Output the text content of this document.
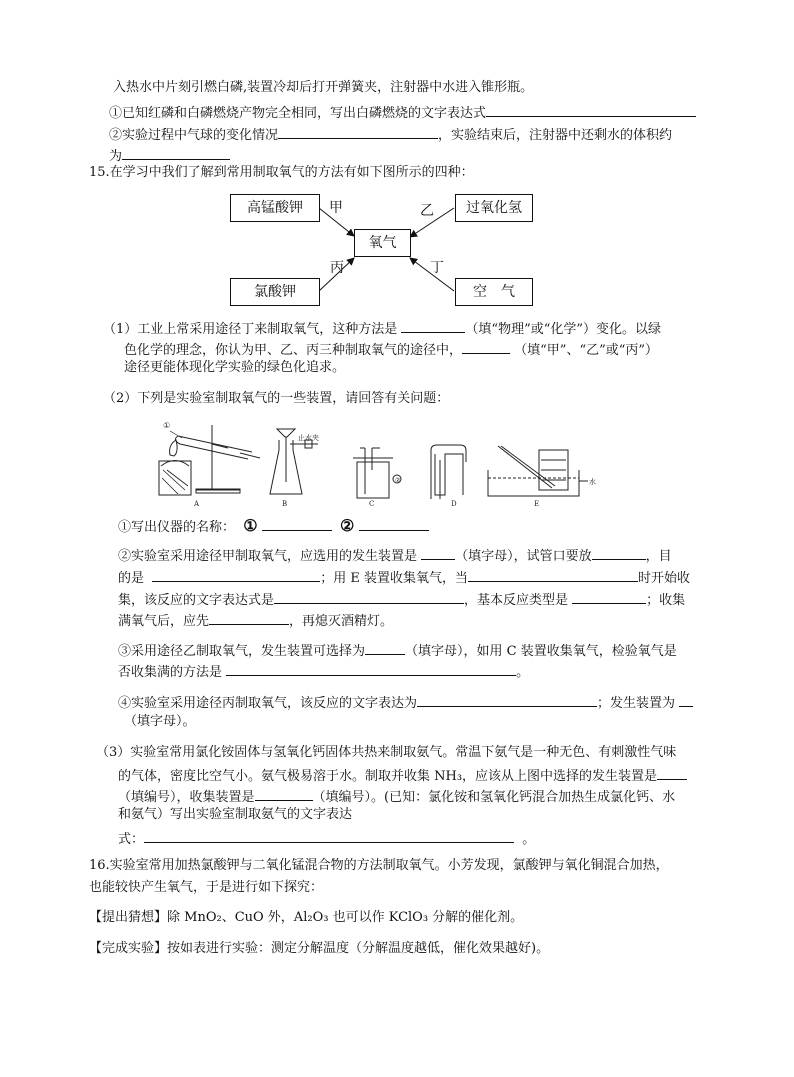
入热水中片刻引燃白磷,装置冷却后打开弹簧夹，注射器中水进入锥形瓶。
①已知红磷和白磷燃烧产物完全相同，写出白磷燃烧的文字表达式
②实验过程中气球的变化情况	，实验结束后，注射器中还剩水的体积约
为
15.在学习中我们了解到常用制取氧气的方法有如下图所示的四种：
高锰酸钾	过氧化氢
氧气
氯酸钾	空　气
甲	乙
丙	丁
（1）工业上常采用途径丁来制取氧气，这种方法是	（填“物理”或“化学”）变化。以绿
色化学的理念，你认为甲、乙、丙三种制取氧气的途径中，	（填“甲”、“乙”或“丙”）
途径更能体现化学实验的绿色化追求。
（2）下列是实验室制取氧气的一些装置，请回答有关问题：
①
A
止水夹
B
②
C	D
水
E
①写出仪器的名称： ①	②
②实验室采用途径甲制取氧气，应选用的发生装置是	（填字母），试管口要放	，目
的是	；用 E 装置收集氧气，当	时开始收
集，该反应的文字表达式是	，基本反应类型是	；收集
满氧气后，应先	，再熄灭酒精灯。
③采用途径乙制取氧气，发生装置可选择为	（填字母），如用 C 装置收集氧气，检验氧气是
否收集满的方法是	。
④实验室采用途径丙制取氧气，该反应的文字表达为	；发生装置为
（填字母）。
（3）实验室常用氯化铵固体与氢氧化钙固体共热来制取氨气。常温下氨气是一种无色、有刺激性气味
的气体，密度比空气小。氨气极易溶于水。制取并收集 NH₃，应该从上图中选择的发生装置是
（填编号），收集装置是	（填编号）。(已知：氯化铵和氢氧化钙混合加热生成氯化钙、水
和氨气）写出实验室制取氨气的文字表达
式：	。
16.实验室常用加热氯酸钾与二氧化锰混合物的方法制取氧气。小芳发现，氯酸钾与氧化铜混合加热，
也能较快产生氧气，于是进行如下探究：
【提出猜想】除 MnO₂、CuO 外，Al₂O₃ 也可以作 KClO₃ 分解的催化剂。
【完成实验】按如表进行实验：测定分解温度（分解温度越低，催化效果越好)。
